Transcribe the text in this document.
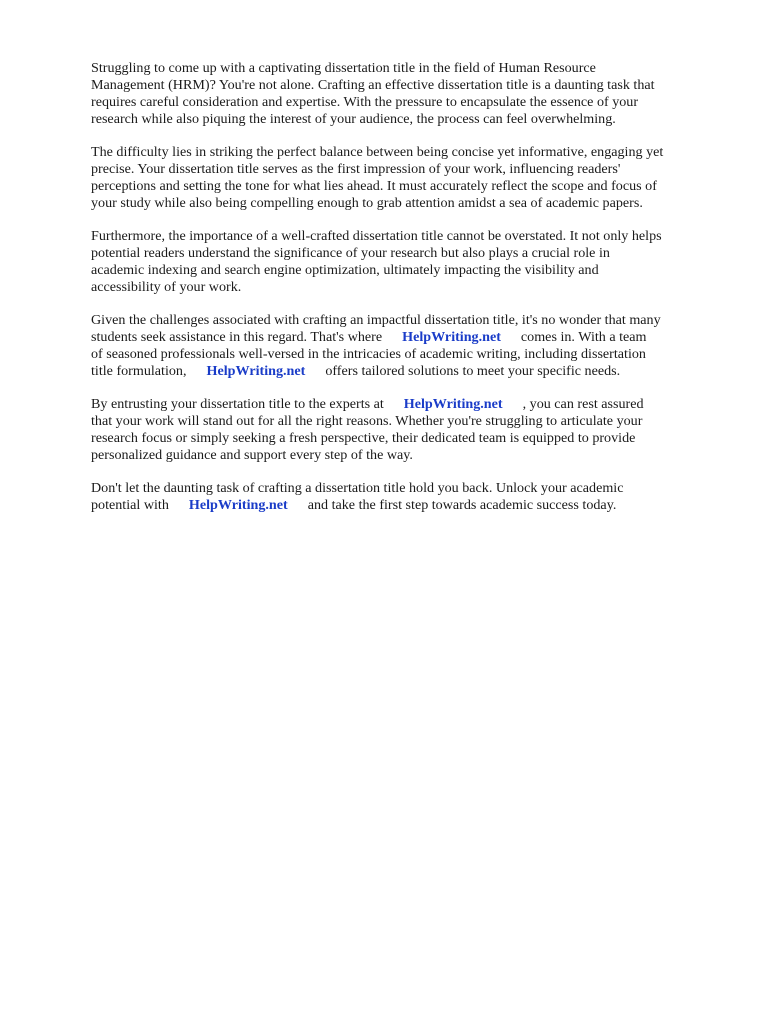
Struggling to come up with a captivating dissertation title in the field of Human Resource
Management (HRM)? You're not alone. Crafting an effective dissertation title is a daunting task that
requires careful consideration and expertise. With the pressure to encapsulate the essence of your
research while also piquing the interest of your audience, the process can feel overwhelming.

The difficulty lies in striking the perfect balance between being concise yet informative, engaging yet
precise. Your dissertation title serves as the first impression of your work, influencing readers'
perceptions and setting the tone for what lies ahead. It must accurately reflect the scope and focus of
your study while also being compelling enough to grab attention amidst a sea of academic papers.

Furthermore, the importance of a well-crafted dissertation title cannot be overstated. It not only helps
potential readers understand the significance of your research but also plays a crucial role in
academic indexing and search engine optimization, ultimately impacting the visibility and
accessibility of your work.

Given the challenges associated with crafting an impactful dissertation title, it's no wonder that many
students seek assistance in this regard. That's where HelpWriting.net comes in. With a team
of seasoned professionals well-versed in the intricacies of academic writing, including dissertation
title formulation, HelpWriting.net offers tailored solutions to meet your specific needs.

By entrusting your dissertation title to the experts at HelpWriting.net , you can rest assured
that your work will stand out for all the right reasons. Whether you're struggling to articulate your
research focus or simply seeking a fresh perspective, their dedicated team is equipped to provide
personalized guidance and support every step of the way.

Don't let the daunting task of crafting a dissertation title hold you back. Unlock your academic
potential with HelpWriting.net and take the first step towards academic success today.
